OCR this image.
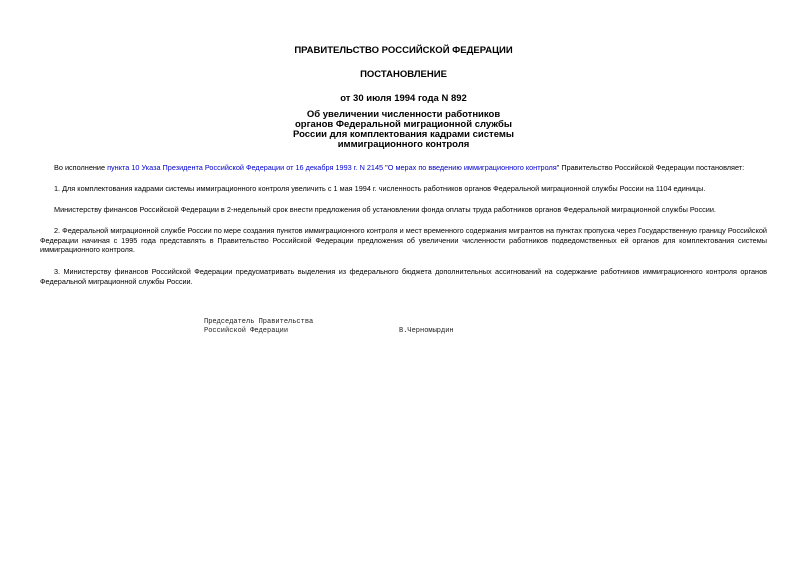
ПРАВИТЕЛЬСТВО РОССИЙСКОЙ ФЕДЕРАЦИИ
ПОСТАНОВЛЕНИЕ
от 30 июля 1994 года N 892
Об увеличении численности работников
органов Федеральной миграционной службы
России для комплектования кадрами системы
иммиграционного контроля
Во исполнение пункта 10 Указа Президента Российской Федерации от 16 декабря 1993 г. N 2145 "О мерах по введению иммиграционного контроля" Правительство Российской Федерации постановляет:
1. Для комплектования кадрами системы иммиграционного контроля увеличить с 1 мая 1994 г. численность работников органов Федеральной миграционной службы России на 1104 единицы.
Министерству финансов Российской Федерации в 2-недельный срок внести предложения об установлении фонда оплаты труда работников органов Федеральной миграционной службы России.
2. Федеральной миграционной службе России по мере создания пунктов иммиграционного контроля и мест временного содержания мигрантов на пунктах пропуска через Государственную границу Российской Федерации начиная с 1995 года представлять в Правительство Российской Федерации предложения об увеличении численности работников подведомственных ей органов для комплектования системы иммиграционного контроля.
3. Министерству финансов Российской Федерации предусматривать выделения из федерального бюджета дополнительных ассигнований на содержание работников иммиграционного контроля органов Федеральной миграционной службы России.
Председатель Правительства
Российской Федерации	В.Черномырдин
